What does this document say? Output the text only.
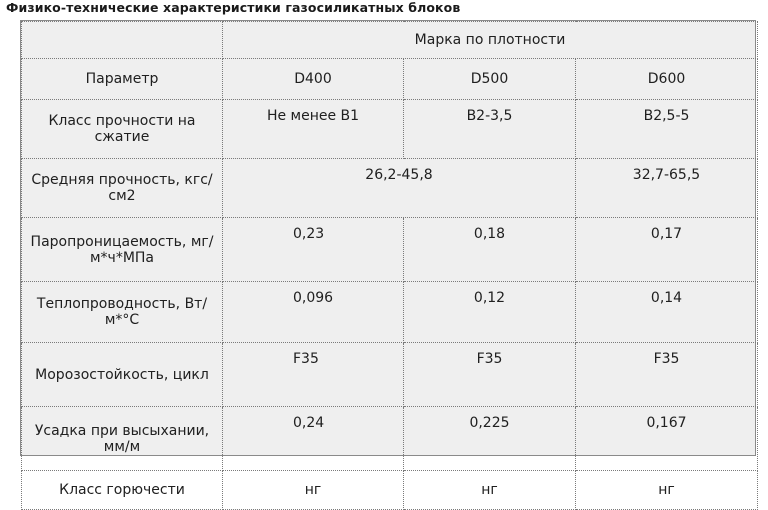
Физико-технические характеристики газосиликатных блоков
	Марка по плотности		
Параметр	D400	D500	D600
Класс прочности на сжатие	Не менее В1	В2-3,5	В2,5-5
Средняя прочность, кгс/см2	26,2-45,8		32,7-65,5
Паропроницаемость, мг/м*ч*МПа	0,23	0,18	0,17
Теплопроводность, Вт/м*°С	0,096	0,12	0,14
Морозостойкость, цикл	F35	F35	F35
Усадка при высыхании, мм/м	0,24	0,225	0,167
Класс горючести	нг	нг	нг
